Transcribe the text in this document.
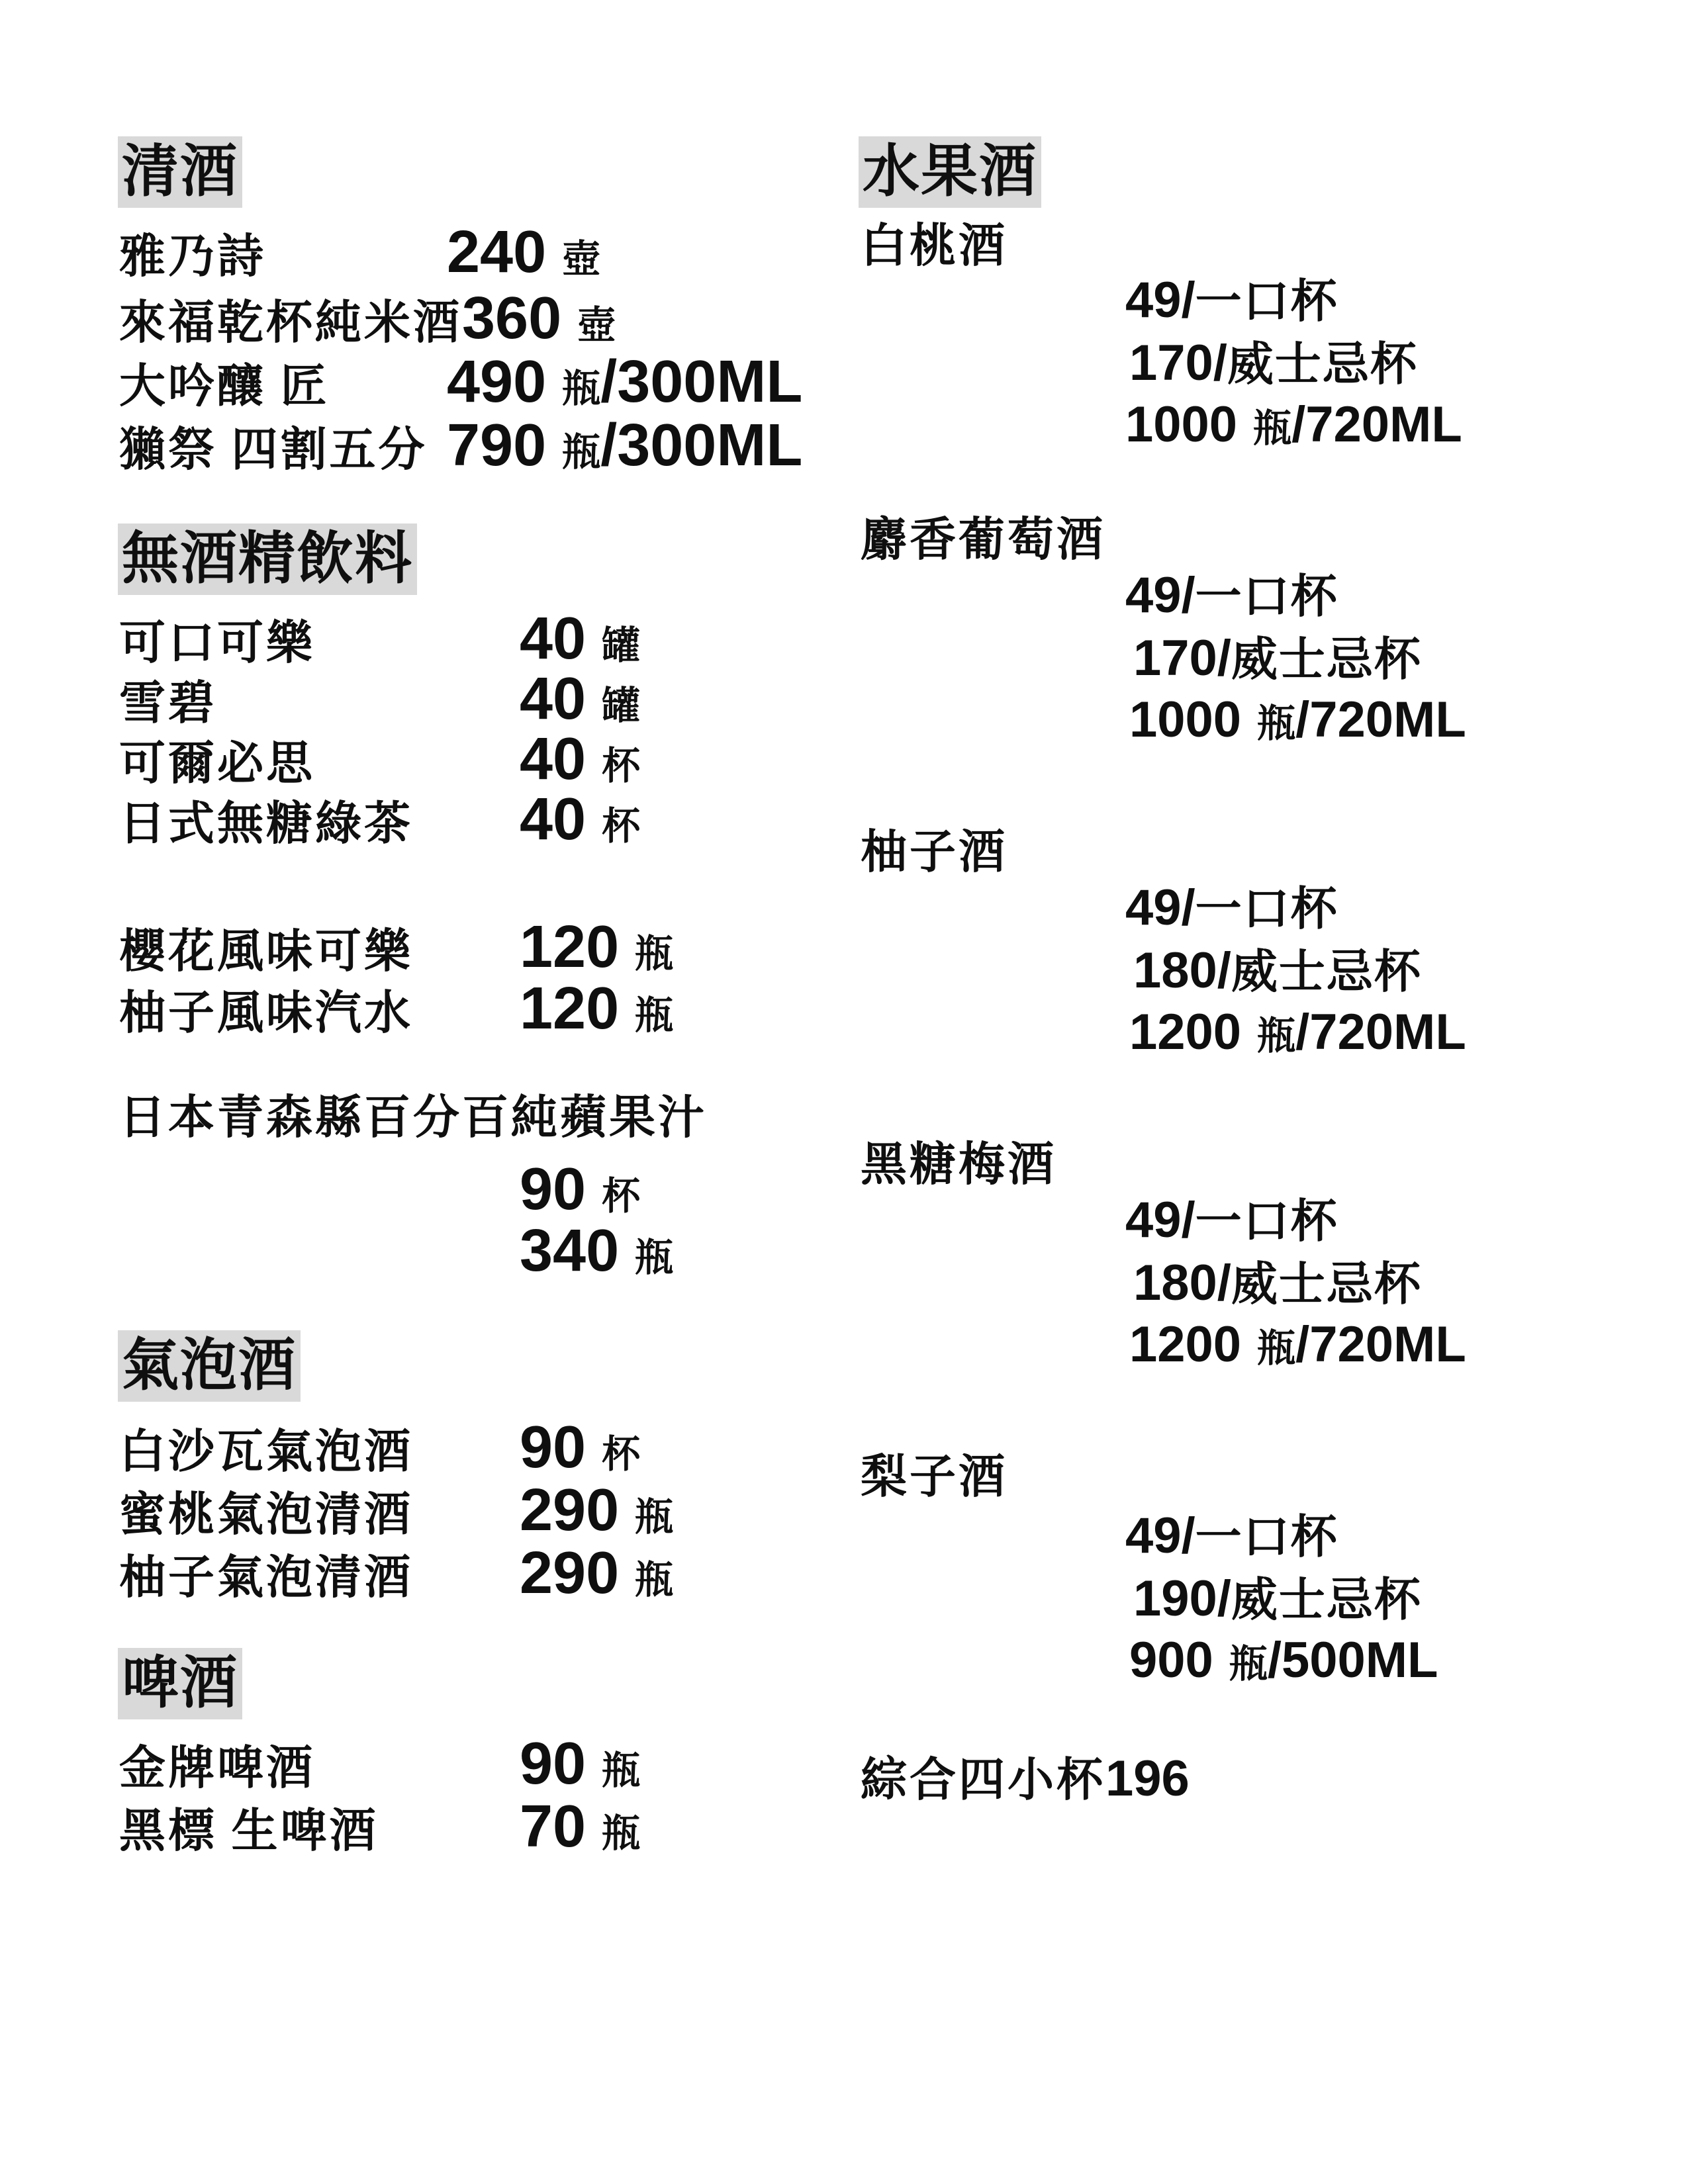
清酒
雅乃詩	240 壺
來福乾杯純米酒 360 壺
大吟釀 匠	490 瓶 /300ML
獺祭 四割五分 790 瓶 /300ML
無酒精飲料
可口可樂	40 罐
雪碧	40 罐
可爾必思	40 杯
日式無糖綠茶	40 杯
櫻花風味可樂	120 瓶
柚子風味汽水	120 瓶
日本青森縣百分百純蘋果汁
90 杯
340 瓶
氣泡酒
白沙瓦氣泡酒	90 杯
蜜桃氣泡清酒	290 瓶
柚子氣泡清酒	290 瓶
啤酒
金牌啤酒	90 瓶
黑標 生啤酒	70 瓶
水果酒
白桃酒
49/ 一口杯
170/ 威士忌杯
1000 瓶 /720ML
麝香葡萄酒
49/ 一口杯
170/ 威士忌杯
1000 瓶 /720ML
柚子酒
49/ 一口杯
180/ 威士忌杯
1200 瓶 /720ML
黑糖梅酒
49/ 一口杯
180/ 威士忌杯
1200 瓶 /720ML
梨子酒
49/ 一口杯
190/ 威士忌杯
900 瓶 /500ML
綜合四小杯 196
